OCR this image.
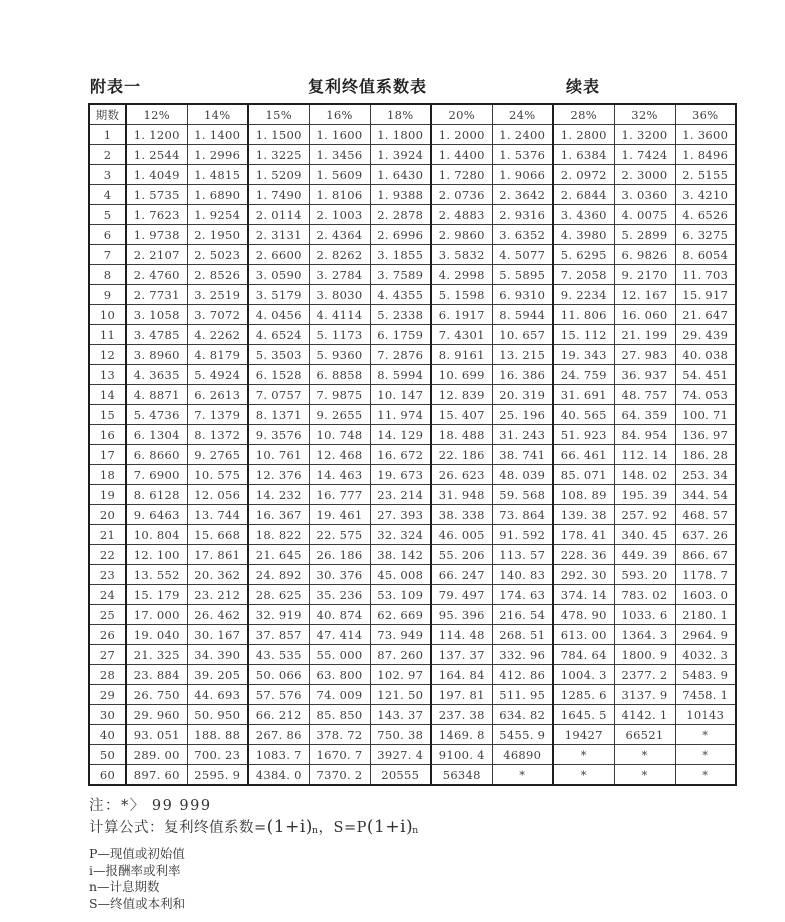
附表一	复利终值系数表	续表
期数	12%	14%	15%	16%	18%	20%	24%	28%	32%	36%
1	1. 1200	1. 1400	1. 1500	1. 1600	1. 1800	1. 2000	1. 2400	1. 2800	1. 3200	1. 3600
2	1. 2544	1. 2996	1. 3225	1. 3456	1. 3924	1. 4400	1. 5376	1. 6384	1. 7424	1. 8496
3	1. 4049	1. 4815	1. 5209	1. 5609	1. 6430	1. 7280	1. 9066	2. 0972	2. 3000	2. 5155
4	1. 5735	1. 6890	1. 7490	1. 8106	1. 9388	2. 0736	2. 3642	2. 6844	3. 0360	3. 4210
5	1. 7623	1. 9254	2. 0114	2. 1003	2. 2878	2. 4883	2. 9316	3. 4360	4. 0075	4. 6526
6	1. 9738	2. 1950	2. 3131	2. 4364	2. 6996	2. 9860	3. 6352	4. 3980	5. 2899	6. 3275
7	2. 2107	2. 5023	2. 6600	2. 8262	3. 1855	3. 5832	4. 5077	5. 6295	6. 9826	8. 6054
8	2. 4760	2. 8526	3. 0590	3. 2784	3. 7589	4. 2998	5. 5895	7. 2058	9. 2170	11. 703
9	2. 7731	3. 2519	3. 5179	3. 8030	4. 4355	5. 1598	6. 9310	9. 2234	12. 167	15. 917
10	3. 1058	3. 7072	4. 0456	4. 4114	5. 2338	6. 1917	8. 5944	11. 806	16. 060	21. 647
11	3. 4785	4. 2262	4. 6524	5. 1173	6. 1759	7. 4301	10. 657	15. 112	21. 199	29. 439
12	3. 8960	4. 8179	5. 3503	5. 9360	7. 2876	8. 9161	13. 215	19. 343	27. 983	40. 038
13	4. 3635	5. 4924	6. 1528	6. 8858	8. 5994	10. 699	16. 386	24. 759	36. 937	54. 451
14	4. 8871	6. 2613	7. 0757	7. 9875	10. 147	12. 839	20. 319	31. 691	48. 757	74. 053
15	5. 4736	7. 1379	8. 1371	9. 2655	11. 974	15. 407	25. 196	40. 565	64. 359	100. 71
16	6. 1304	8. 1372	9. 3576	10. 748	14. 129	18. 488	31. 243	51. 923	84. 954	136. 97
17	6. 8660	9. 2765	10. 761	12. 468	16. 672	22. 186	38. 741	66. 461	112. 14	186. 28
18	7. 6900	10. 575	12. 376	14. 463	19. 673	26. 623	48. 039	85. 071	148. 02	253. 34
19	8. 6128	12. 056	14. 232	16. 777	23. 214	31. 948	59. 568	108. 89	195. 39	344. 54
20	9. 6463	13. 744	16. 367	19. 461	27. 393	38. 338	73. 864	139. 38	257. 92	468. 57
21	10. 804	15. 668	18. 822	22. 575	32. 324	46. 005	91. 592	178. 41	340. 45	637. 26
22	12. 100	17. 861	21. 645	26. 186	38. 142	55. 206	113. 57	228. 36	449. 39	866. 67
23	13. 552	20. 362	24. 892	30. 376	45. 008	66. 247	140. 83	292. 30	593. 20	1178. 7
24	15. 179	23. 212	28. 625	35. 236	53. 109	79. 497	174. 63	374. 14	783. 02	1603. 0
25	17. 000	26. 462	32. 919	40. 874	62. 669	95. 396	216. 54	478. 90	1033. 6	2180. 1
26	19. 040	30. 167	37. 857	47. 414	73. 949	114. 48	268. 51	613. 00	1364. 3	2964. 9
27	21. 325	34. 390	43. 535	55. 000	87. 260	137. 37	332. 96	784. 64	1800. 9	4032. 3
28	23. 884	39. 205	50. 066	63. 800	102. 97	164. 84	412. 86	1004. 3	2377. 2	5483. 9
29	26. 750	44. 693	57. 576	74. 009	121. 50	197. 81	511. 95	1285. 6	3137. 9	7458. 1
30	29. 960	50. 950	66. 212	85. 850	143. 37	237. 38	634. 82	1645. 5	4142. 1	10143
40	93. 051	188. 88	267. 86	378. 72	750. 38	1469. 8	5455. 9	19427	66521	*
50	289. 00	700. 23	1083. 7	1670. 7	3927. 4	9100. 4	46890	*	*	*
60	897. 60	2595. 9	4384. 0	7370. 2	20555	56348	*	*	*	*
注：*〉 99 999
计算公式：复利终值系数=(1+i)n，S=P(1+i)n
P—现值或初始值
i—报酬率或利率
n—计息期数
S—终值或本利和
